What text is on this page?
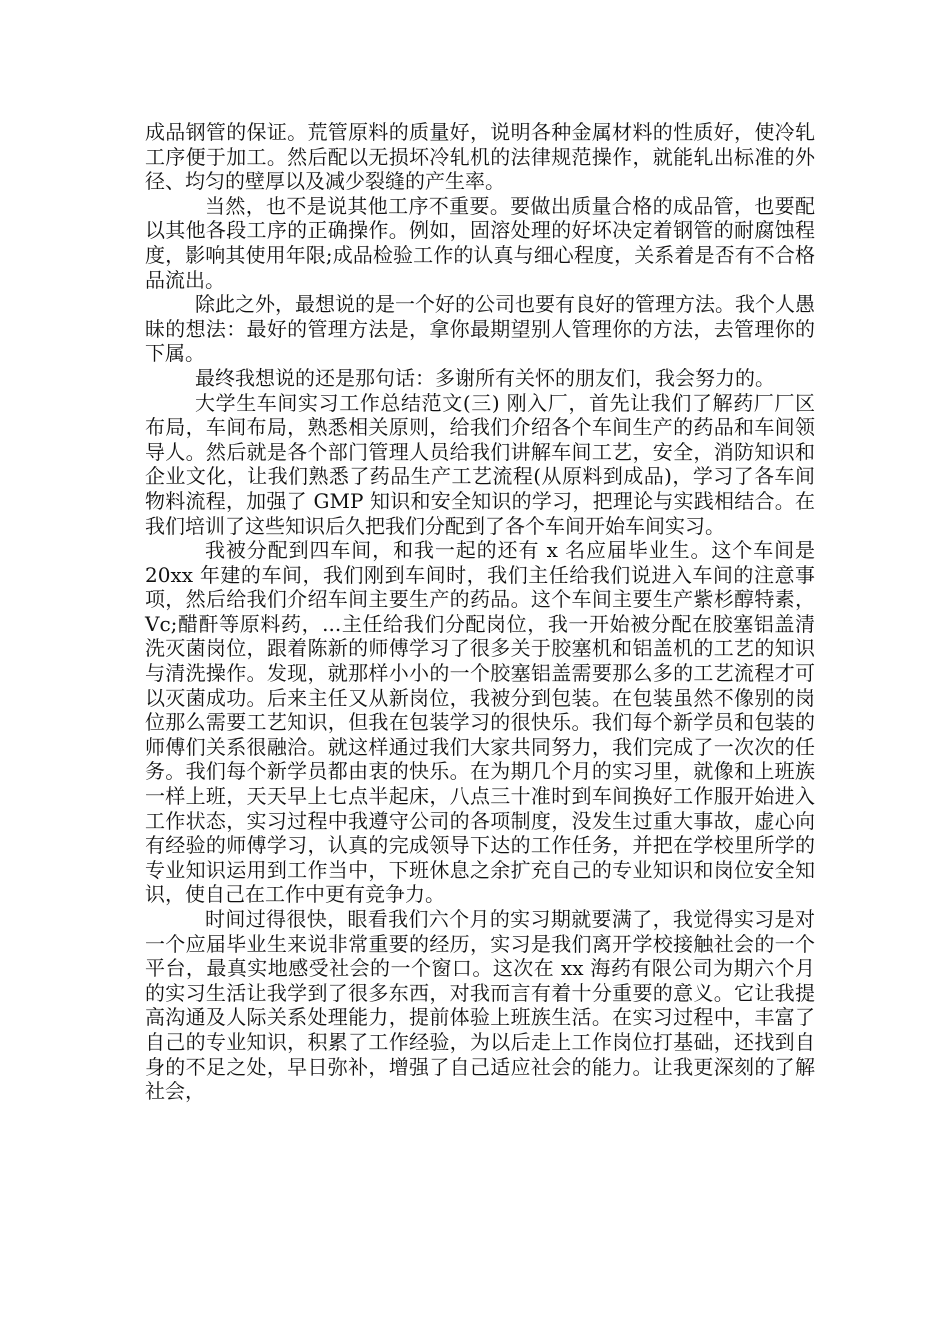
成品钢管的保证。荒管原料的质量好，说明各种金属材料的性质好，使冷轧工序便于加工。然后配以无损坏冷轧机的法律规范操作，就能轧出标准的外径、均匀的壁厚以及减少裂缝的产生率。

当然，也不是说其他工序不重要。要做出质量合格的成品管，也要配以其他各段工序的正确操作。例如，固溶处理的好坏决定着钢管的耐腐蚀程度，影响其使用年限;成品检验工作的认真与细心程度，关系着是否有不合格品流出。

除此之外，最想说的是一个好的公司也要有良好的管理方法。我个人愚昧的想法：最好的管理方法是，拿你最期望别人管理你的方法，去管理你的下属。

最终我想说的还是那句话：多谢所有关怀的朋友们，我会努力的。

大学生车间实习工作总结范文(三) 刚入厂，首先让我们了解药厂厂区布局，车间布局，熟悉相关原则，给我们介绍各个车间生产的药品和车间领导人。然后就是各个部门管理人员给我们讲解车间工艺，安全，消防知识和企业文化，让我们熟悉了药品生产工艺流程(从原料到成品)，学习了各车间物料流程，加强了 GMP 知识和安全知识的学习，把理论与实践相结合。在我们培训了这些知识后久把我们分配到了各个车间开始车间实习。

我被分配到四车间，和我一起的还有 x 名应届毕业生。这个车间是 20xx 年建的车间，我们刚到车间时，我们主任给我们说进入车间的注意事项，然后给我们介绍车间主要生产的药品。这个车间主要生产紫杉醇特素，Vc;醋酐等原料药，...主任给我们分配岗位，我一开始被分配在胶塞铝盖清洗灭菌岗位，跟着陈新的师傅学习了很多关于胶塞机和铝盖机的工艺的知识与清洗操作。发现，就那样小小的一个胶塞铝盖需要那么多的工艺流程才可以灭菌成功。后来主任又从新岗位，我被分到包装。在包装虽然不像别的岗位那么需要工艺知识，但我在包装学习的很快乐。我们每个新学员和包装的师傅们关系很融洽。就这样通过我们大家共同努力，我们完成了一次次的任务。我们每个新学员都由衷的快乐。在为期几个月的实习里，就像和上班族一样上班，天天早上七点半起床，八点三十准时到车间换好工作服开始进入工作状态，实习过程中我遵守公司的各项制度，没发生过重大事故，虚心向有经验的师傅学习，认真的完成领导下达的工作任务，并把在学校里所学的专业知识运用到工作当中，下班休息之余扩充自己的专业知识和岗位安全知识，使自己在工作中更有竞争力。

时间过得很快，眼看我们六个月的实习期就要满了，我觉得实习是对一个应届毕业生来说非常重要的经历，实习是我们离开学校接触社会的一个平台，最真实地感受社会的一个窗口。这次在 xx 海药有限公司为期六个月的实习生活让我学到了很多东西，对我而言有着十分重要的意义。它让我提高沟通及人际关系处理能力，提前体验上班族生活。在实习过程中，丰富了自己的专业知识，积累了工作经验，为以后走上工作岗位打基础，还找到自身的不足之处，早日弥补，增强了自己适应社会的能力。让我更深刻的了解社会，
